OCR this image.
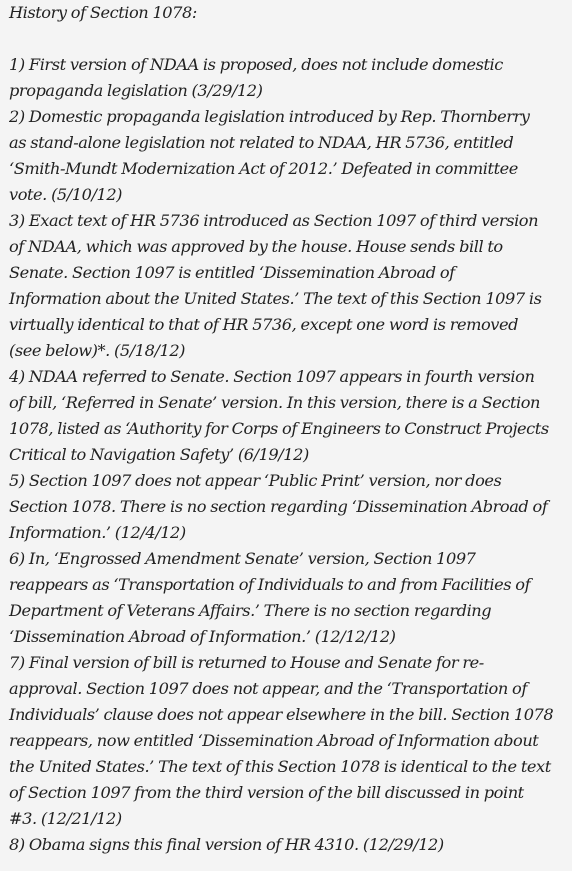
History of Section 1078:

1) First version of NDAA is proposed, does not include domestic
propaganda legislation (3/29/12)

2) Domestic propaganda legislation introduced by Rep. Thornberry
as stand-alone legislation not related to NDAA, HR 5736, entitled
‘Smith-Mundt Modernization Act of 2012.’ Defeated in committee
vote. (5/10/12)

3) Exact text of HR 5736 introduced as Section 1097 of third version
of NDAA, which was approved by the house. House sends bill to
Senate. Section 1097 is entitled ‘Dissemination Abroad of
Information about the United States.’ The text of this Section 1097 is
virtually identical to that of HR 5736, except one word is removed
(see below)*. (5/18/12)

4) NDAA referred to Senate. Section 1097 appears in fourth version
of bill, ‘Referred in Senate’ version. In this version, there is a Section
1078, listed as ‘Authority for Corps of Engineers to Construct Projects
Critical to Navigation Safety’ (6/19/12)

5) Section 1097 does not appear ‘Public Print’ version, nor does
Section 1078. There is no section regarding ‘Dissemination Abroad of
Information.’ (12/4/12)

6) In, ‘Engrossed Amendment Senate’ version, Section 1097
reappears as ‘Transportation of Individuals to and from Facilities of
Department of Veterans Affairs.’ There is no section regarding
‘Dissemination Abroad of Information.’ (12/12/12)

7) Final version of bill is returned to House and Senate for re-
approval. Section 1097 does not appear, and the ‘Transportation of
Individuals’ clause does not appear elsewhere in the bill. Section 1078
reappears, now entitled ‘Dissemination Abroad of Information about
the United States.’ The text of this Section 1078 is identical to the text
of Section 1097 from the third version of the bill discussed in point
#3. (12/21/12)

8) Obama signs this final version of HR 4310. (12/29/12)
